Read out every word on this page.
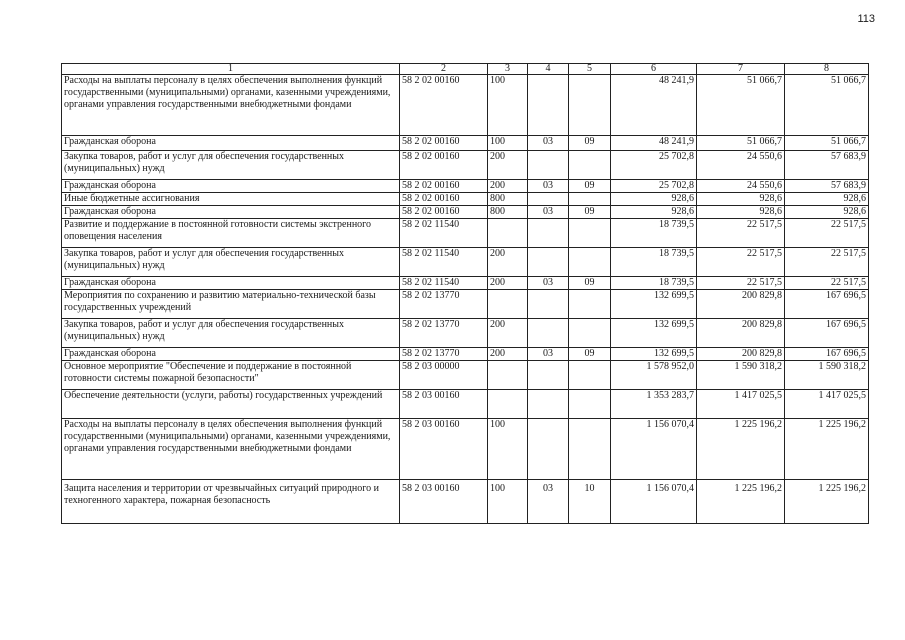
113
1	2	3	4	5	6	7	8
Расходы на выплаты персоналу в целях обеспечения выполнения функций государственными (муниципальными) органами, казенными учреждениями, органами управления государственными внебюджетными фондами	58 2 02 00160	100			48 241,9	51 066,7	51 066,7
Гражданская оборона	58 2 02 00160	100	03	09	48 241,9	51 066,7	51 066,7
Закупка товаров, работ и услуг для обеспечения государственных (муниципальных) нужд	58 2 02 00160	200			25 702,8	24 550,6	57 683,9
Гражданская оборона	58 2 02 00160	200	03	09	25 702,8	24 550,6	57 683,9
Иные бюджетные ассигнования	58 2 02 00160	800			928,6	928,6	928,6
Гражданская оборона	58 2 02 00160	800	03	09	928,6	928,6	928,6
Развитие и поддержание в постоянной готовности системы экстренного оповещения населения	58 2 02 11540				18 739,5	22 517,5	22 517,5
Закупка товаров, работ и услуг для обеспечения государственных (муниципальных) нужд	58 2 02 11540	200			18 739,5	22 517,5	22 517,5
Гражданская оборона	58 2 02 11540	200	03	09	18 739,5	22 517,5	22 517,5
Мероприятия по сохранению и развитию материально-технической базы государственных учреждений	58 2 02 13770				132 699,5	200 829,8	167 696,5
Закупка товаров, работ и услуг для обеспечения государственных (муниципальных) нужд	58 2 02 13770	200			132 699,5	200 829,8	167 696,5
Гражданская оборона	58 2 02 13770	200	03	09	132 699,5	200 829,8	167 696,5
Основное мероприятие "Обеспечение и поддержание в постоянной готовности системы пожарной безопасности"	58 2 03 00000				1 578 952,0	1 590 318,2	1 590 318,2
Обеспечение деятельности (услуги, работы) государственных учреждений	58 2 03 00160				1 353 283,7	1 417 025,5	1 417 025,5
Расходы на выплаты персоналу в целях обеспечения выполнения функций государственными (муниципальными) органами, казенными учреждениями, органами управления государственными внебюджетными фондами	58 2 03 00160	100			1 156 070,4	1 225 196,2	1 225 196,2
Защита населения и территории от чрезвычайных ситуаций природного и техногенного характера, пожарная безопасность	58 2 03 00160	100	03	10	1 156 070,4	1 225 196,2	1 225 196,2
